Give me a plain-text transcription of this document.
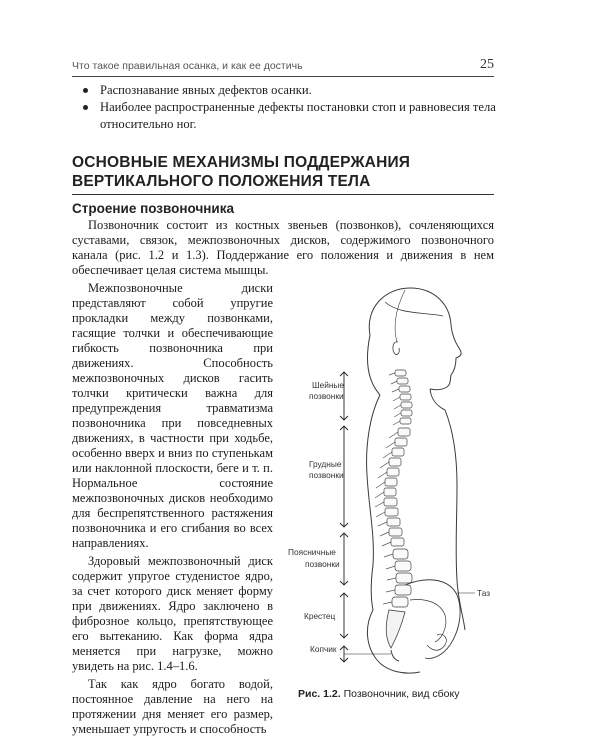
Что такое правильная осанка, и как ее достичь	25
Распознавание явных дефектов осанки.
Наиболее распространенные дефекты постановки стоп и равновесия тела относительно ног.
ОСНОВНЫЕ МЕХАНИЗМЫ ПОДДЕРЖАНИЯ
ВЕРТИКАЛЬНОГО ПОЛОЖЕНИЯ ТЕЛА
Строение позвоночника

Позвоночник состоит из костных звеньев (позвонков), сочленяющихся суставами, связок, межпозвоночных дисков, содержимого позвоночного канала (рис. 1.2 и 1.3). Поддержание его положения и движения в нем обеспечивает целая система мышцы.

Межпозвоночные диски представляют собой упругие прокладки между позвонками, гасящие толчки и обеспечивающие гибкость позвоночника при движениях. Способность межпозвоночных дисков гасить толчки критически важна для предупреждения травматизма позвоночника при повседневных движениях, в частности при ходьбе, особенно вверх и вниз по ступенькам или наклонной плоскости, беге и т. п. Нормальное состояние межпозвоночных дисков необходимо для беспрепятственного растяжения позвоночника и его сгибания во всех направлениях.

Здоровый межпозвоночный диск содержит упругое студенистое ядро, за счет которого диск меняет форму при движениях. Ядро заключено в фиброзное кольцо, препятствующее его вытеканию. Как форма ядра меняется при нагрузке, можно увидеть на рис. 1.4–1.6.

Так как ядро богато водой, постоянное давление на него на протяжении дня меняет его размер, уменьшает упругость и способность

Шейные
позвонки
Грудные
позвонки
Поясничные
позвонки
Крестец
Копчик
Таз
Рис. 1.2. Позвоночник, вид сбоку
